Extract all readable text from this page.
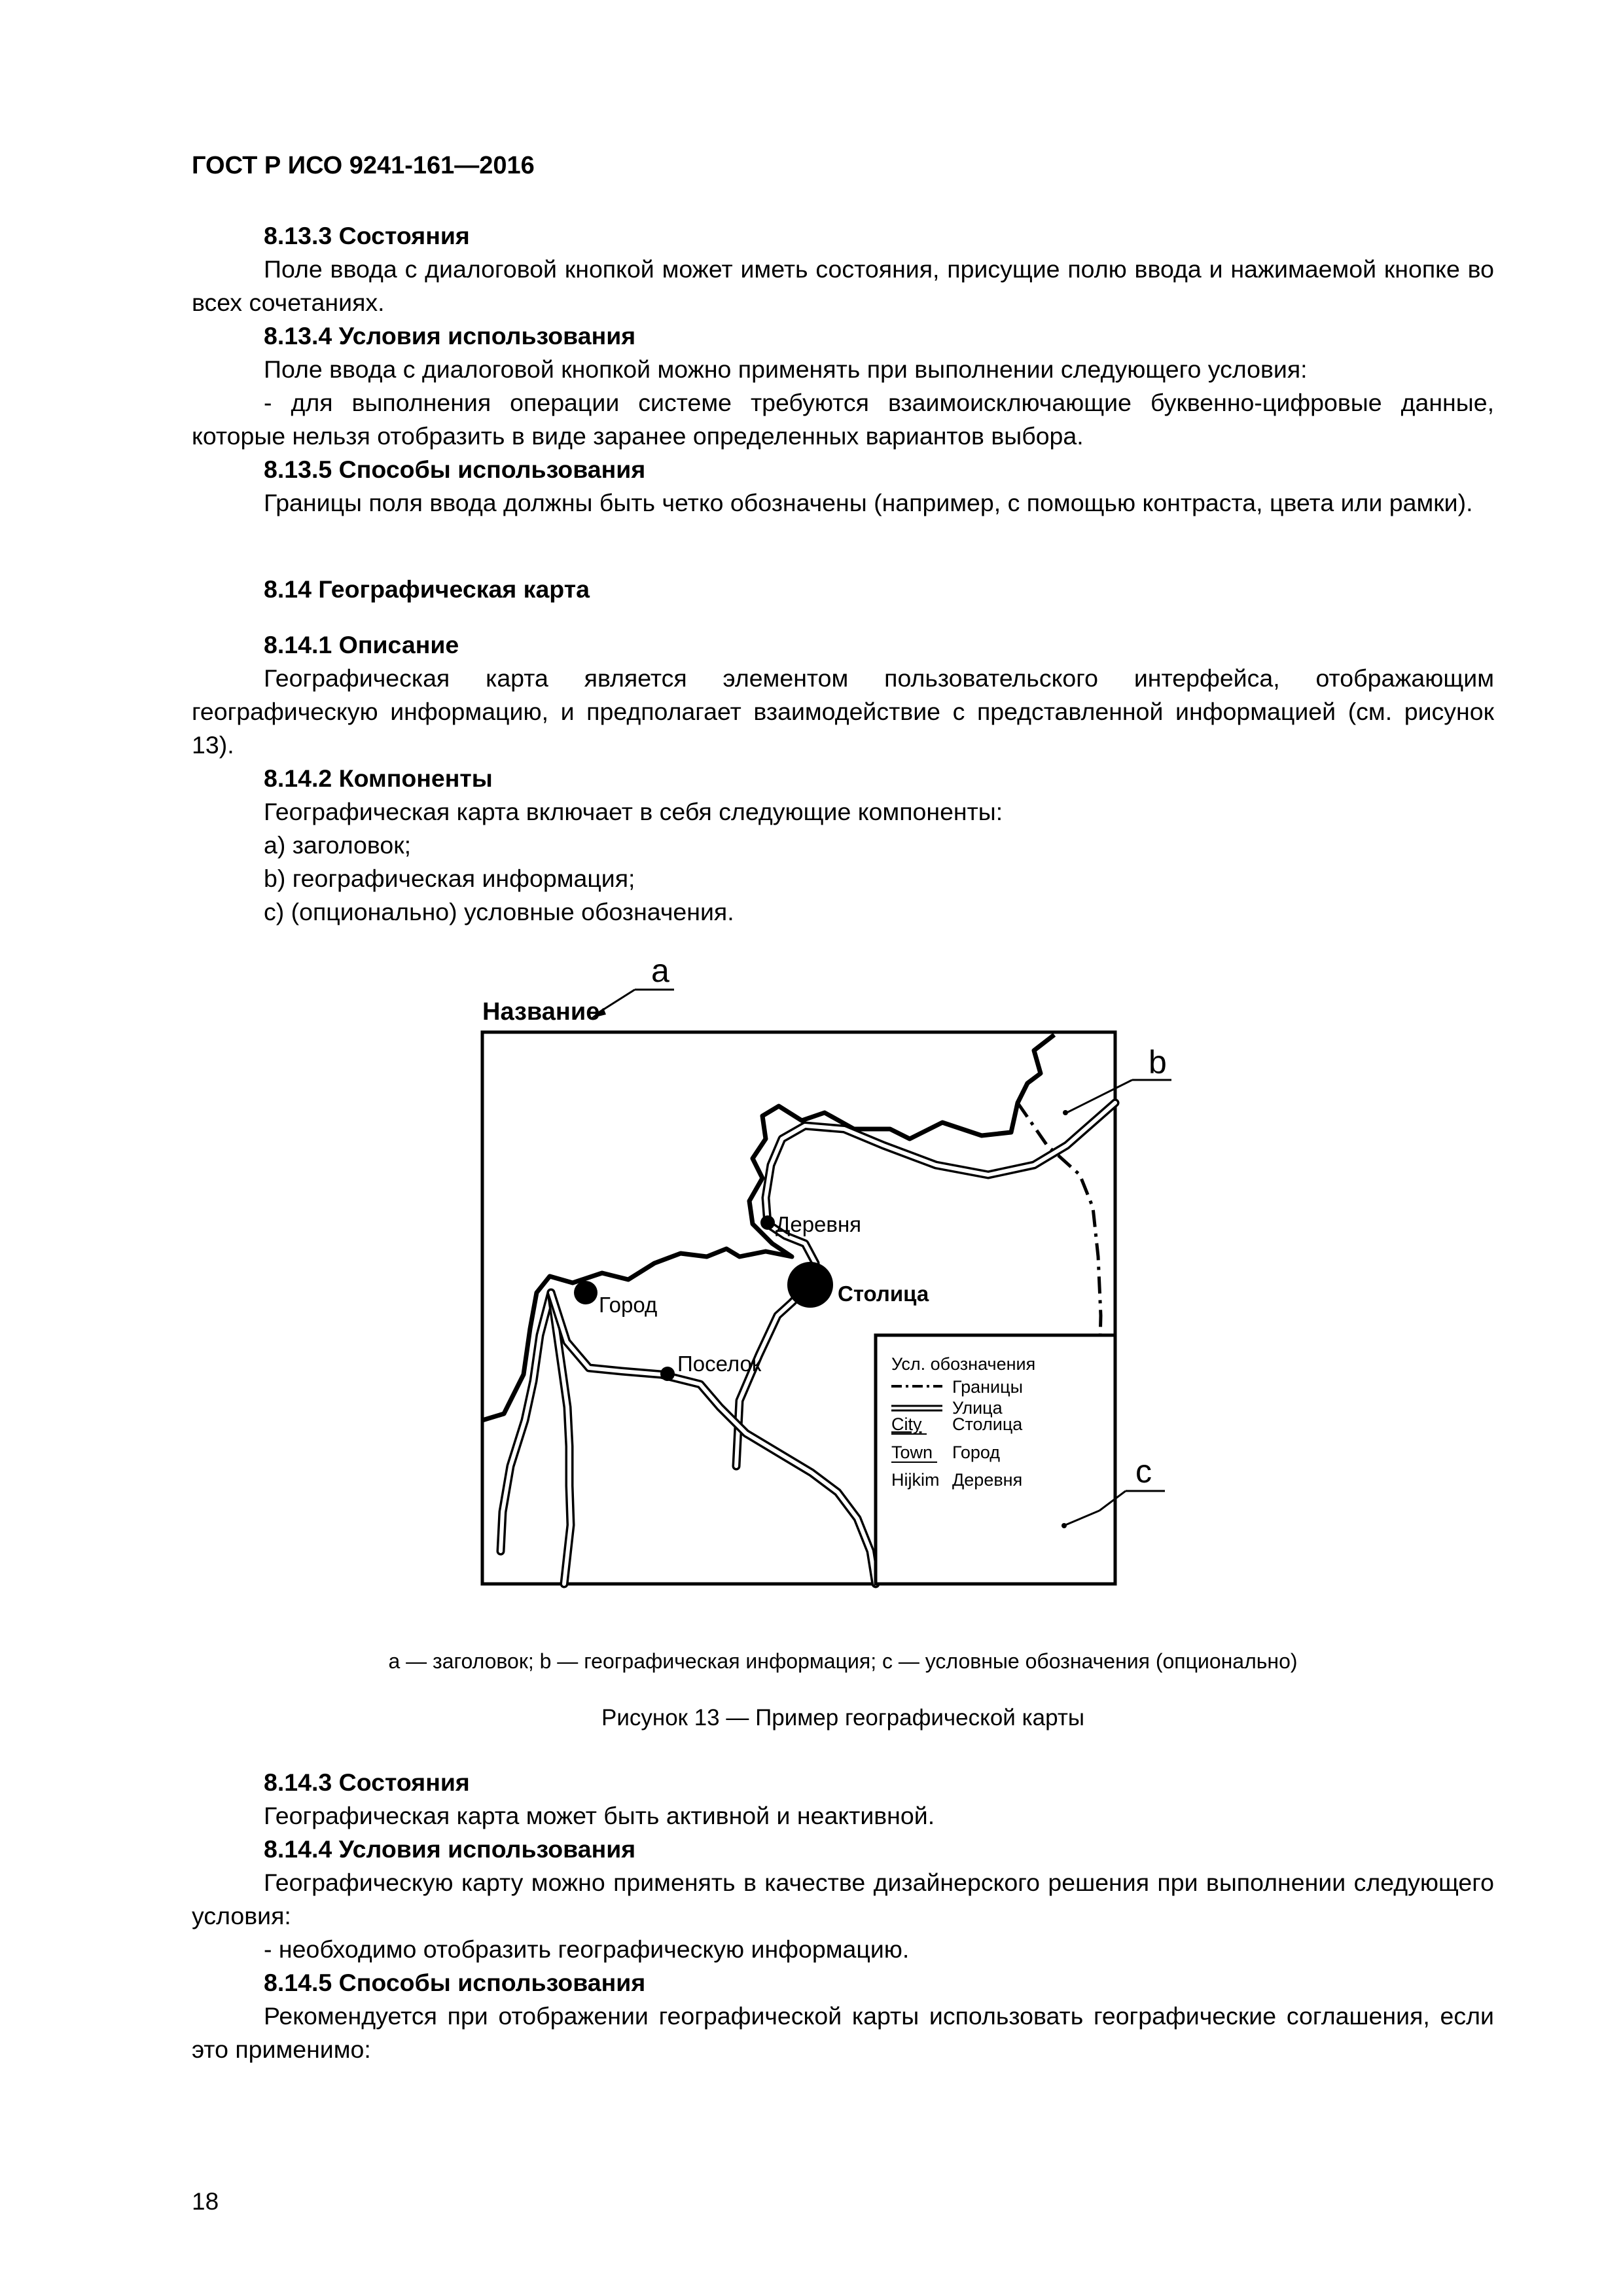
ГОСТ Р ИСО 9241-161—2016
8.13.3 Состояния
Поле ввода с диалоговой кнопкой может иметь состояния, присущие полю ввода и нажимаемой кнопке во всех сочетаниях.
8.13.4 Условия использования
Поле ввода с диалоговой кнопкой можно применять при выполнении следующего условия:
- для выполнения операции системе требуются взаимоисключающие буквенно-цифровые данные, которые нельзя отобразить в виде заранее определенных вариантов выбора.
8.13.5 Способы использования
Границы поля ввода должны быть четко обозначены (например, с помощью контраста, цвета или рамки).
8.14 Географическая карта
8.14.1 Описание
Географическая карта является элементом пользовательского интерфейса, отображающим географическую информацию, и предполагает взаимодействие с представленной информацией (см. рисунок 13).
8.14.2 Компоненты
Географическая карта включает в себя следующие компоненты:
а) заголовок;
b) географическая информация;
с) (опционально) условные обозначения.
a
Название
b
Деревня
Столица
Город
Поселок	Усл. обозначения
Границы
Улица
City Столица
Town Город
Hijkim Деревня	c
а — заголовок; b — географическая информация; с — условные обозначения (опционально)
Рисунок 13 — Пример географической карты
8.14.3 Состояния
Географическая карта может быть активной и неактивной.
8.14.4 Условия использования
Географическую карту можно применять в качестве дизайнерского решения при выполнении следующего условия:
- необходимо отобразить географическую информацию.
8.14.5 Способы использования
Рекомендуется при отображении географической карты использовать географические соглашения, если это применимо:
18
